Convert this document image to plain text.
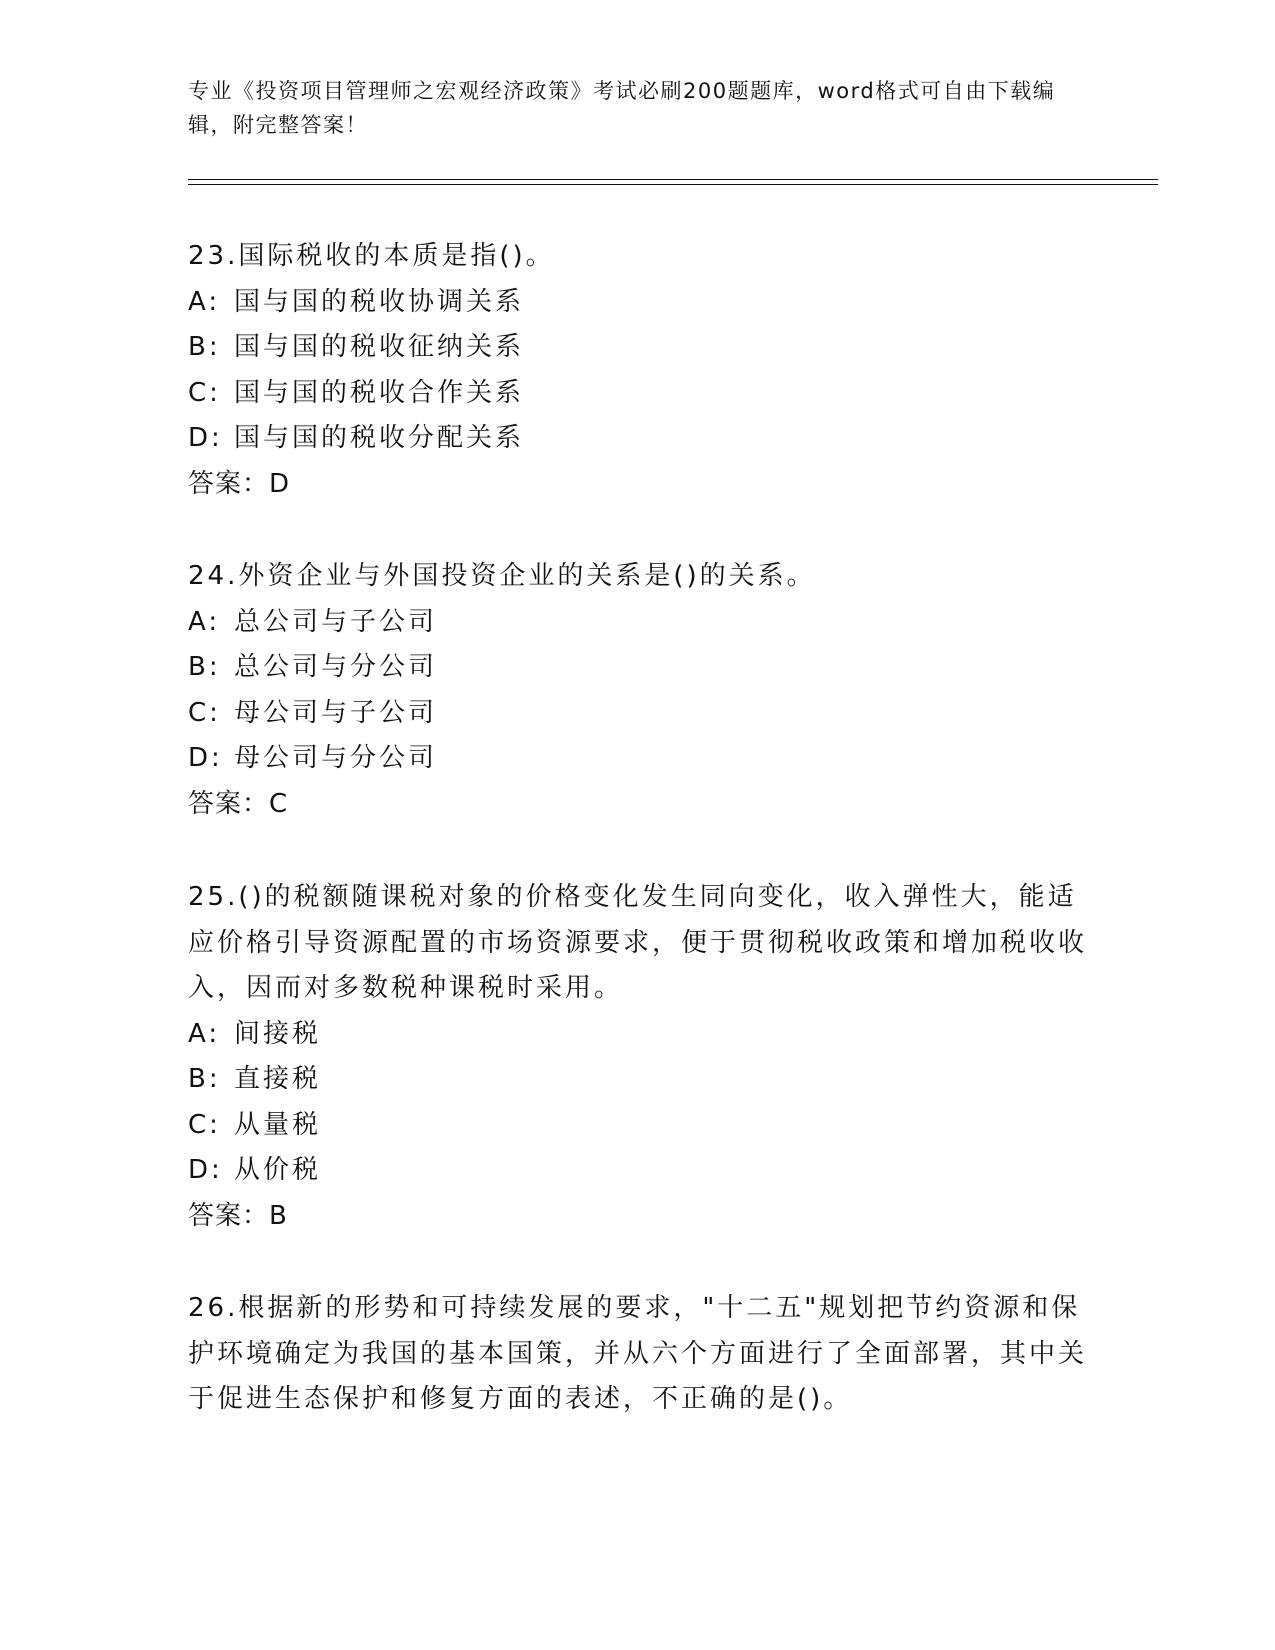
专业《投资项目管理师之宏观经济政策》考试必刷200题题库，word格式可自由下载编辑，附完整答案！
23.国际税收的本质是指()。
A: 国与国的税收协调关系
B: 国与国的税收征纳关系
C: 国与国的税收合作关系
D: 国与国的税收分配关系
答案：D
24.外资企业与外国投资企业的关系是()的关系。
A: 总公司与子公司
B: 总公司与分公司
C: 母公司与子公司
D: 母公司与分公司
答案：C
25.()的税额随课税对象的价格变化发生同向变化，收入弹性大，能适应价格引导资源配置的市场资源要求，便于贯彻税收政策和增加税收收入，因而对多数税种课税时采用。
A: 间接税
B: 直接税
C: 从量税
D: 从价税
答案：B
26.根据新的形势和可持续发展的要求，"十二五"规划把节约资源和保护环境确定为我国的基本国策，并从六个方面进行了全面部署，其中关于促进生态保护和修复方面的表述，不正确的是()。
